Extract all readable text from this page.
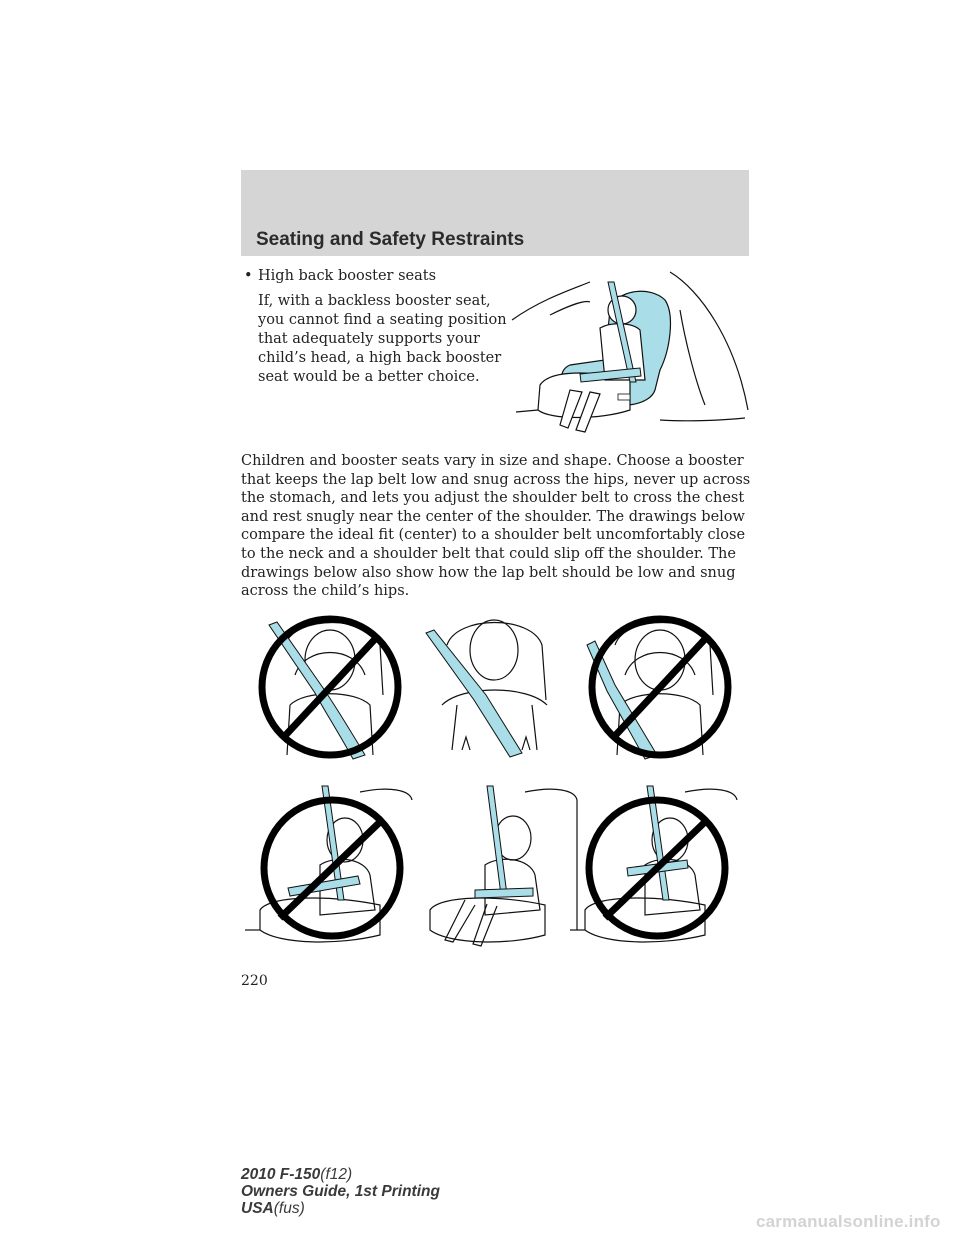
Seating and Safety Restraints
• High back booster seats
If, with a backless booster seat, you cannot find a seating position that adequately supports your child’s head, a high back booster seat would be a better choice.
Children and booster seats vary in size and shape. Choose a booster that keeps the lap belt low and snug across the hips, never up across the stomach, and lets you adjust the shoulder belt to cross the chest and rest snugly near the center of the shoulder. The drawings below compare the ideal fit (center) to a shoulder belt uncomfortably close to the neck and a shoulder belt that could slip off the shoulder. The drawings below also show how the lap belt should be low and snug across the child’s hips.
220
2010 F-150(f12)
Owners Guide, 1st Printing
USA(fus)
carmanualsonline.info
